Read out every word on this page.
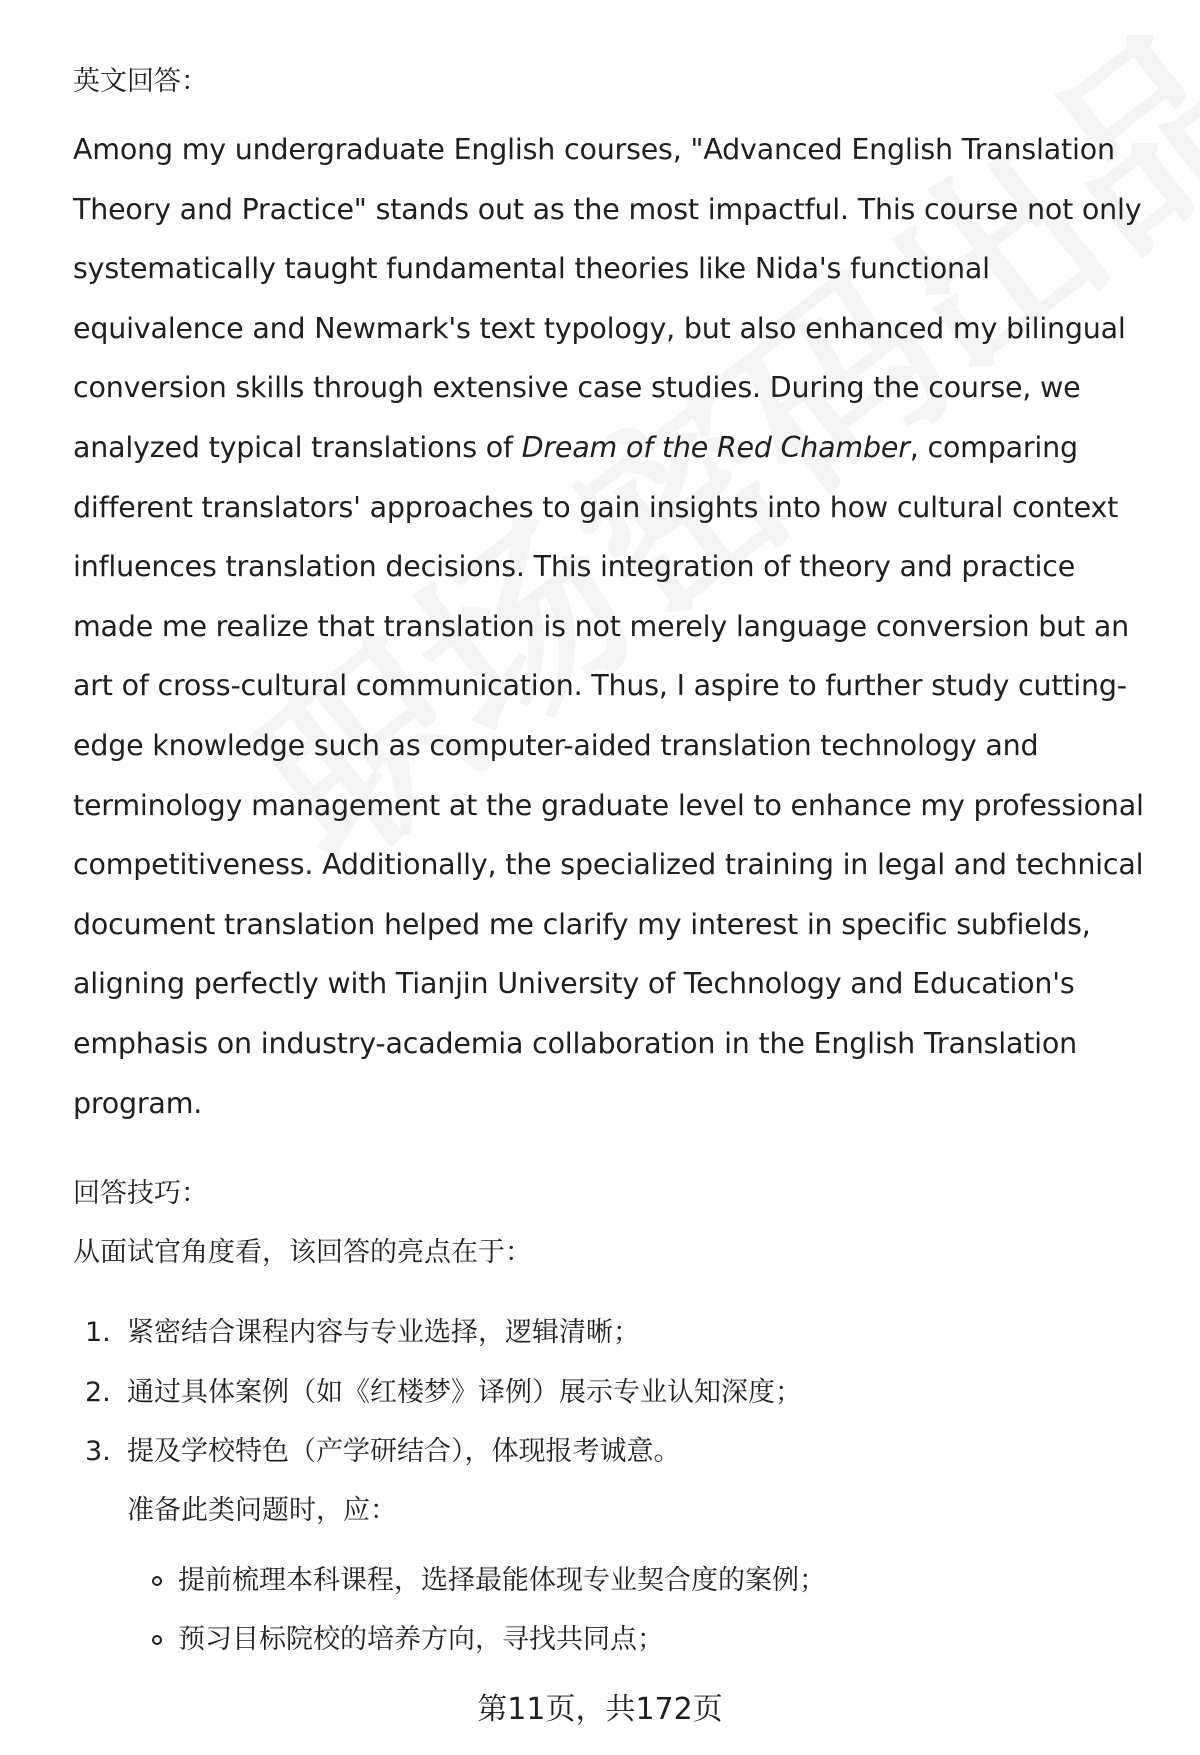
英文回答：

Among my undergraduate English courses, "Advanced English Translation Theory and Practice" stands out as the most impactful. This course not only systematically taught fundamental theories like Nida's functional equivalence and Newmark's text typology, but also enhanced my bilingual conversion skills through extensive case studies. During the course, we analyzed typical translations of Dream of the Red Chamber, comparing different translators' approaches to gain insights into how cultural context influences translation decisions. This integration of theory and practice made me realize that translation is not merely language conversion but an art of cross-cultural communication. Thus, I aspire to further study cutting-edge knowledge such as computer-aided translation technology and terminology management at the graduate level to enhance my professional competitiveness. Additionally, the specialized training in legal and technical document translation helped me clarify my interest in specific subfields, aligning perfectly with Tianjin University of Technology and Education's emphasis on industry-academia collaboration in the English Translation program.

回答技巧：
从面试官角度看，该回答的亮点在于：
1. 紧密结合课程内容与专业选择，逻辑清晰；
2. 通过具体案例（如《红楼梦》译例）展示专业认知深度；
3. 提及学校特色（产学研结合），体现报考诚意。
准备此类问题时，应：
提前梳理本科课程，选择最能体现专业契合度的案例；
预习目标院校的培养方向，寻找共同点；
第11页，共172页
